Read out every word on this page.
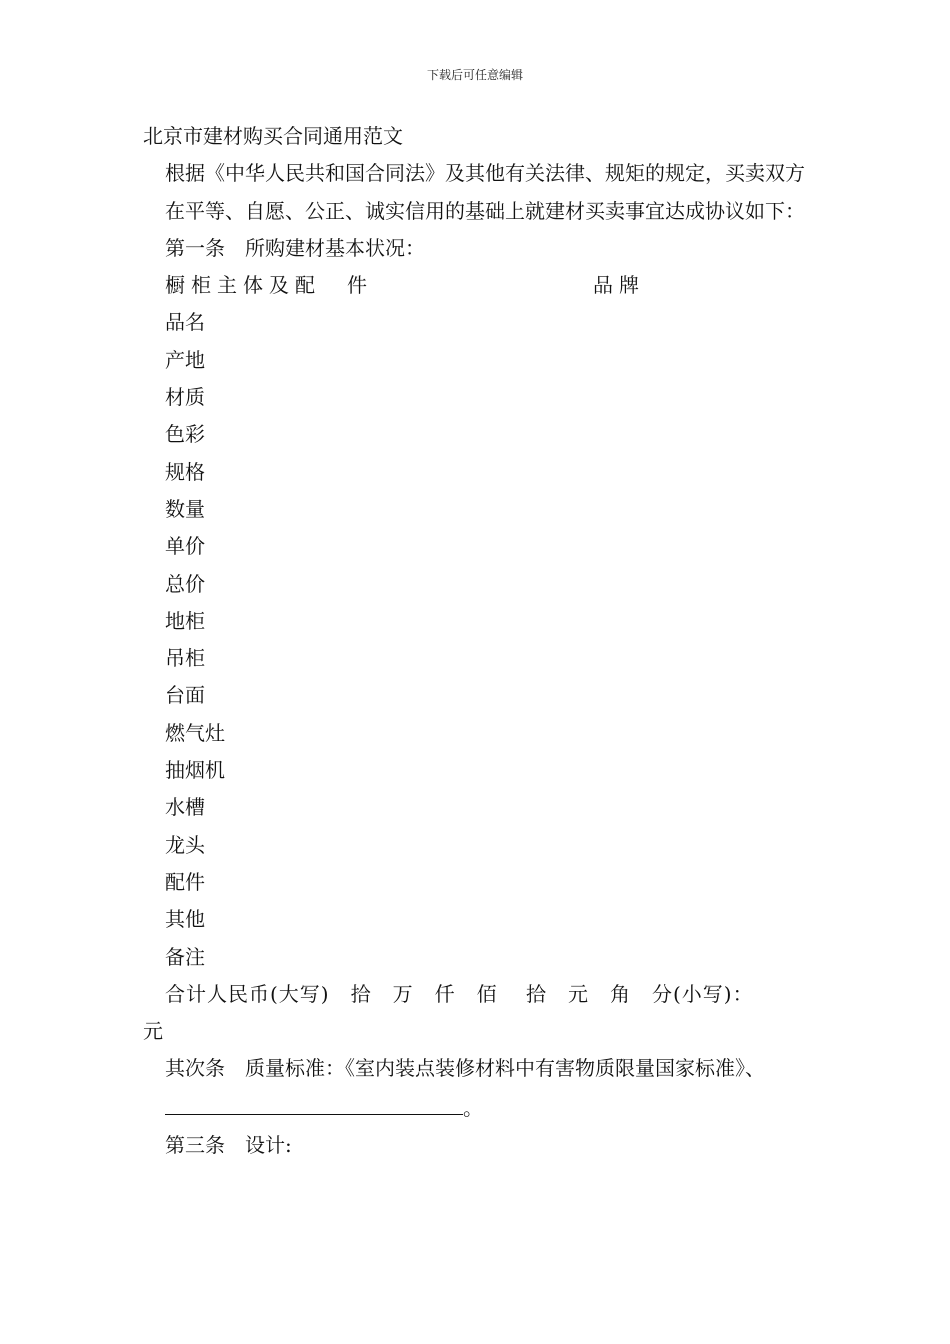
下载后可任意编辑
北京市建材购买合同通用范文
根据《中华人民共和国合同法》及其他有关法律、规矩的规定，买卖双方在平等、自愿、公正、诚实信用的基础上就建材买卖事宜达成协议如下：
第一条　所购建材基本状况：
橱柜主体及配　件	品牌
品名
产地
材质
色彩
规格
数量
单价
总价
地柜
吊柜
台面
燃气灶
抽烟机
水槽
龙头
配件
其他
备注
合计人民币(大写)　拾　万　仟　佰　 拾　元　角　分(小写)：
元
其次条　质量标准：《室内装点装修材料中有害物质限量国家标准》、。
第三条　设计:
